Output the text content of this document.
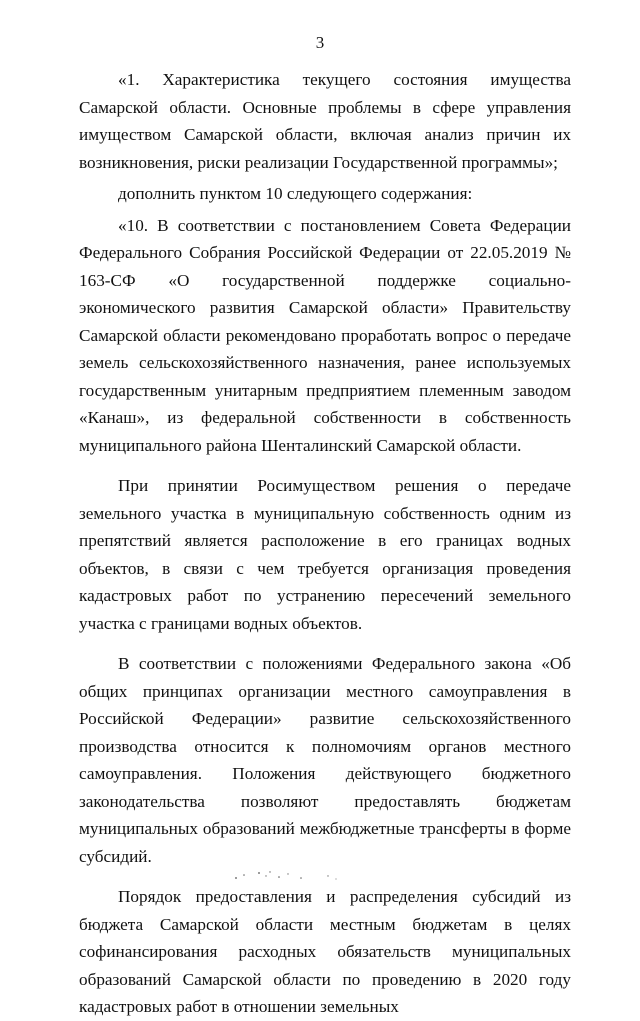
3

«1. Характеристика текущего состояния имущества Самарской области. Основные проблемы в сфере управления имуществом Самарской области, включая анализ причин их возникновения, риски реализации Государственной программы»;

дополнить пунктом 10 следующего содержания:

«10. В соответствии с постановлением Совета Федерации Федерального Собрания Российской Федерации от 22.05.2019 № 163-СФ «О государственной поддержке социально-экономического развития Самарской области» Правительству Самарской области рекомендовано проработать вопрос о передаче земель сельскохозяйственного назначения, ранее используемых государственным унитарным предприятием племенным заводом «Канаш», из федеральной собственности в собственность муниципального района Шенталинский Самарской области.

При принятии Росимуществом решения о передаче земельного участка в муниципальную собственность одним из препятствий является расположение в его границах водных объектов, в связи с чем требуется организация проведения кадастровых работ по устранению пересечений земельного участка с границами водных объектов.

В соответствии с положениями Федерального закона «Об общих принципах организации местного самоуправления в Российской Федерации» развитие сельскохозяйственного производства относится к полномочиям органов местного самоуправления. Положения действующего бюджетного законодательства позволяют предоставлять бюджетам муниципальных образований межбюджетные трансферты в форме субсидий.

Порядок предоставления и распределения субсидий из бюджета Самарской области местным бюджетам в целях софинансирования расходных обязательств муниципальных образований Самарской области по проведению в 2020 году кадастровых работ в отношении земельных
